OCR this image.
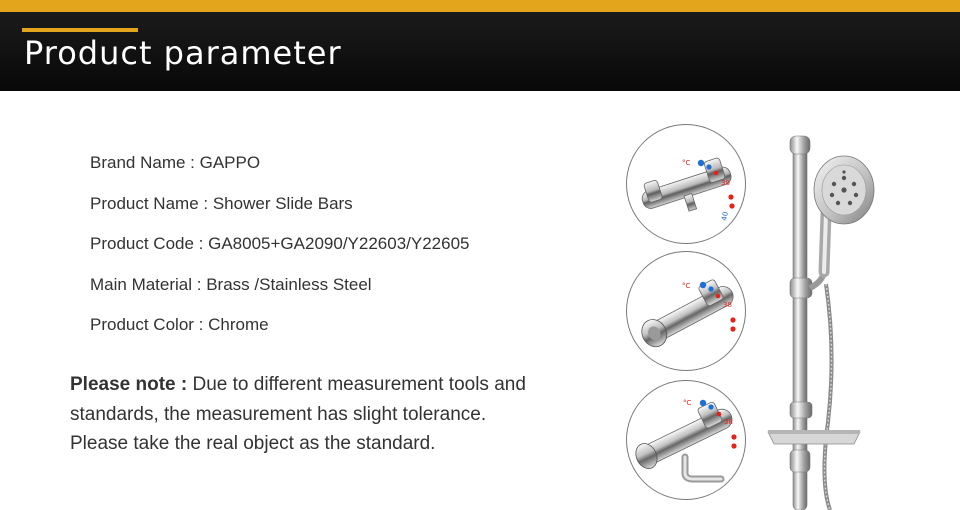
Product parameter
Brand Name : GAPPO
Product Name : Shower Slide Bars
Product Code : GA8005+GA2090/Y22603/Y22605
Main Material : Brass /Stainless Steel
Product Color : Chrome
Please note : Due to different measurement tools and
standards, the measurement has slight tolerance.
Please take the real object as the standard.
°C
38
40
°C
38
°C
38
